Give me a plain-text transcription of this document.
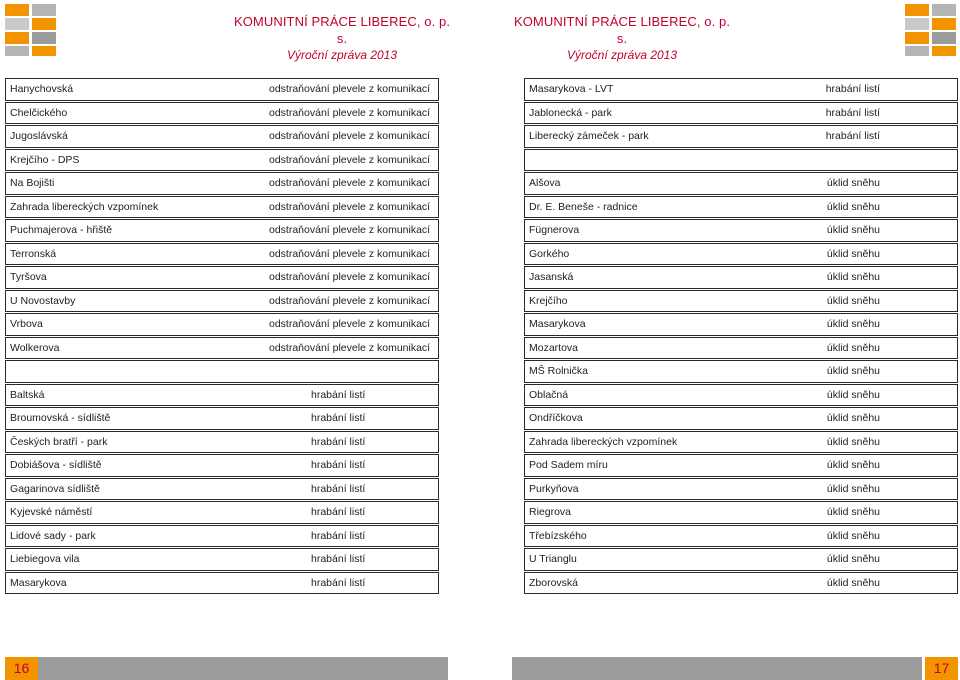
KOMUNITNÍ PRÁCE LIBEREC, o. p. s.
Výroční zpráva 2013
KOMUNITNÍ PRÁCE LIBEREC, o. p. s.
Výroční zpráva 2013
Hanychovská	odstraňování plevele z komunikací
Chelčického	odstraňování plevele z komunikací
Jugoslávská	odstraňování plevele z komunikací
Krejčího - DPS	odstraňování plevele z komunikací
Na Bojišti	odstraňování plevele z komunikací
Zahrada libereckých vzpomínek	odstraňování plevele z komunikací
Puchmajerova - hřiště	odstraňování plevele z komunikací
Terronská	odstraňování plevele z komunikací
Tyršova	odstraňování plevele z komunikací
U Novostavby	odstraňování plevele z komunikací
Vrbova	odstraňování plevele z komunikací
Wolkerova	odstraňování plevele z komunikací
Baltská	hrabání listí
Broumovská - sídliště	hrabání listí
Českých bratří - park	hrabání listí
Dobiášova - sídliště	hrabání listí
Gagarinova sídliště	hrabání listí
Kyjevské náměstí	hrabání listí
Lidové sady - park	hrabání listí
Liebiegova vila	hrabání listí
Masarykova	hrabání listí
Masarykova - LVT	hrabání listí
Jablonecká - park	hrabání listí
Liberecký zámeček - park	hrabání listí
Alšova	úklid sněhu
Dr. E. Beneše - radnice	úklid sněhu
Fügnerova	úklid sněhu
Gorkého	úklid sněhu
Jasanská	úklid sněhu
Krejčího	úklid sněhu
Masarykova	úklid sněhu
Mozartova	úklid sněhu
MŠ Rolnička	úklid sněhu
Oblačná	úklid sněhu
Ondříčkova	úklid sněhu
Zahrada libereckých vzpomínek	úklid sněhu
Pod Sadem míru	úklid sněhu
Purkyňova	úklid sněhu
Riegrova	úklid sněhu
Třebízského	úklid sněhu
U Trianglu	úklid sněhu
Zborovská	úklid sněhu
16	17
